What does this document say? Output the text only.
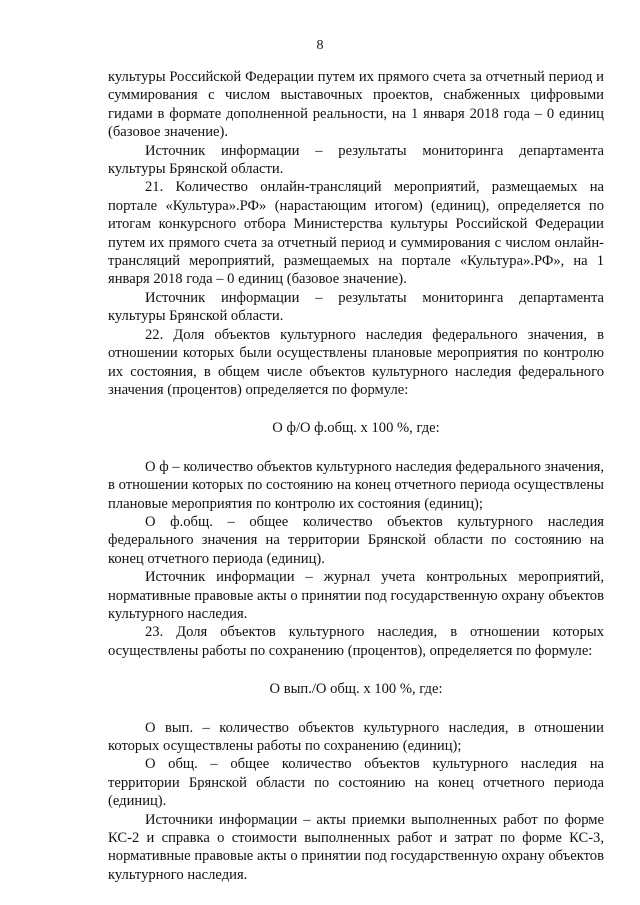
8

культуры Российской Федерации путем их прямого счета за отчетный период и суммирования с числом выставочных проектов, снабженных цифровыми гидами в формате дополненной реальности, на 1 января 2018 года – 0 единиц (базовое значение).

Источник информации – результаты мониторинга департамента культуры Брянской области.

21. Количество онлайн-трансляций мероприятий, размещаемых на портале «Культура».РФ» (нарастающим итогом) (единиц), определяется по итогам конкурсного отбора Министерства культуры Российской Федерации путем их прямого счета за отчетный период и суммирования с числом онлайн-трансляций мероприятий, размещаемых на портале «Культура».РФ», на 1 января 2018 года – 0 единиц (базовое значение).

Источник информации – результаты мониторинга департамента культуры Брянской области.

22. Доля объектов культурного наследия федерального значения, в отношении которых были осуществлены плановые мероприятия по контролю их состояния, в общем числе объектов культурного наследия федерального значения (процентов) определяется по формуле:

О ф/О ф.общ. х 100 %, где:

О ф – количество объектов культурного наследия федерального значения, в отношении которых по состоянию на конец отчетного периода осуществлены плановые мероприятия по контролю их состояния (единиц);

О ф.общ. – общее количество объектов культурного наследия федерального значения на территории Брянской области по состоянию на конец отчетного периода (единиц).

Источник информации – журнал учета контрольных мероприятий, нормативные правовые акты о принятии под государственную охрану объектов культурного наследия.

23. Доля объектов культурного наследия, в отношении которых осуществлены работы по сохранению (процентов), определяется по формуле:

О вып./О общ. х 100 %, где:

О вып. – количество объектов культурного наследия, в отношении которых осуществлены работы по сохранению (единиц);

О общ. – общее количество объектов культурного наследия на территории Брянской области по состоянию на конец отчетного периода (единиц).

Источники информации – акты приемки выполненных работ по форме КС-2 и справка о стоимости выполненных работ и затрат по форме КС-3, нормативные правовые акты о принятии под государственную охрану объектов культурного наследия.
